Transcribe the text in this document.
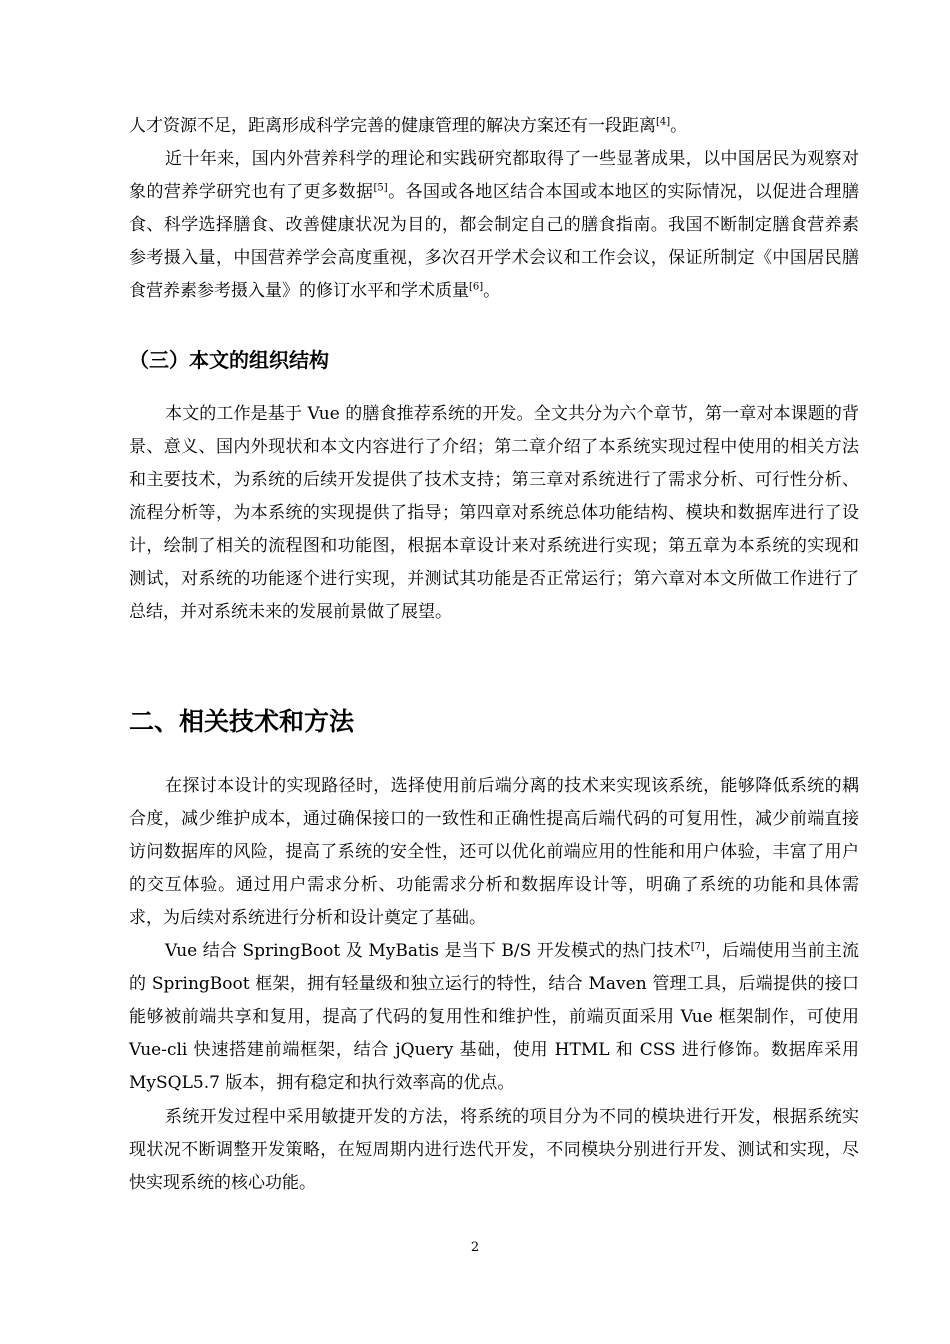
人才资源不足，距离形成科学完善的健康管理的解决方案还有一段距离[4]。
近十年来，国内外营养科学的理论和实践研究都取得了一些显著成果，以中国居民为观察对象的营养学研究也有了更多数据[5]。各国或各地区结合本国或本地区的实际情况，以促进合理膳食、科学选择膳食、改善健康状况为目的，都会制定自己的膳食指南。我国不断制定膳食营养素参考摄入量，中国营养学会高度重视，多次召开学术会议和工作会议，保证所制定《中国居民膳食营养素参考摄入量》的修订水平和学术质量[6]。
（三）本文的组织结构
本文的工作是基于 Vue 的膳食推荐系统的开发。全文共分为六个章节，第一章对本课题的背景、意义、国内外现状和本文内容进行了介绍；第二章介绍了本系统实现过程中使用的相关方法和主要技术，为系统的后续开发提供了技术支持；第三章对系统进行了需求分析、可行性分析、流程分析等，为本系统的实现提供了指导；第四章对系统总体功能结构、模块和数据库进行了设计，绘制了相关的流程图和功能图，根据本章设计来对系统进行实现；第五章为本系统的实现和测试，对系统的功能逐个进行实现，并测试其功能是否正常运行；第六章对本文所做工作进行了总结，并对系统未来的发展前景做了展望。
二、相关技术和方法
在探讨本设计的实现路径时，选择使用前后端分离的技术来实现该系统，能够降低系统的耦合度，减少维护成本，通过确保接口的一致性和正确性提高后端代码的可复用性，减少前端直接访问数据库的风险，提高了系统的安全性，还可以优化前端应用的性能和用户体验，丰富了用户的交互体验。通过用户需求分析、功能需求分析和数据库设计等，明确了系统的功能和具体需求，为后续对系统进行分析和设计奠定了基础。
Vue 结合 SpringBoot 及 MyBatis 是当下 B/S 开发模式的热门技术[7]，后端使用当前主流的 SpringBoot 框架，拥有轻量级和独立运行的特性，结合 Maven 管理工具，后端提供的接口能够被前端共享和复用，提高了代码的复用性和维护性，前端页面采用 Vue 框架制作，可使用 Vue-cli 快速搭建前端框架，结合 jQuery 基础，使用 HTML 和 CSS 进行修饰。数据库采用 MySQL5.7 版本，拥有稳定和执行效率高的优点。
系统开发过程中采用敏捷开发的方法，将系统的项目分为不同的模块进行开发，根据系统实现状况不断调整开发策略，在短周期内进行迭代开发，不同模块分别进行开发、测试和实现，尽快实现系统的核心功能。
2
